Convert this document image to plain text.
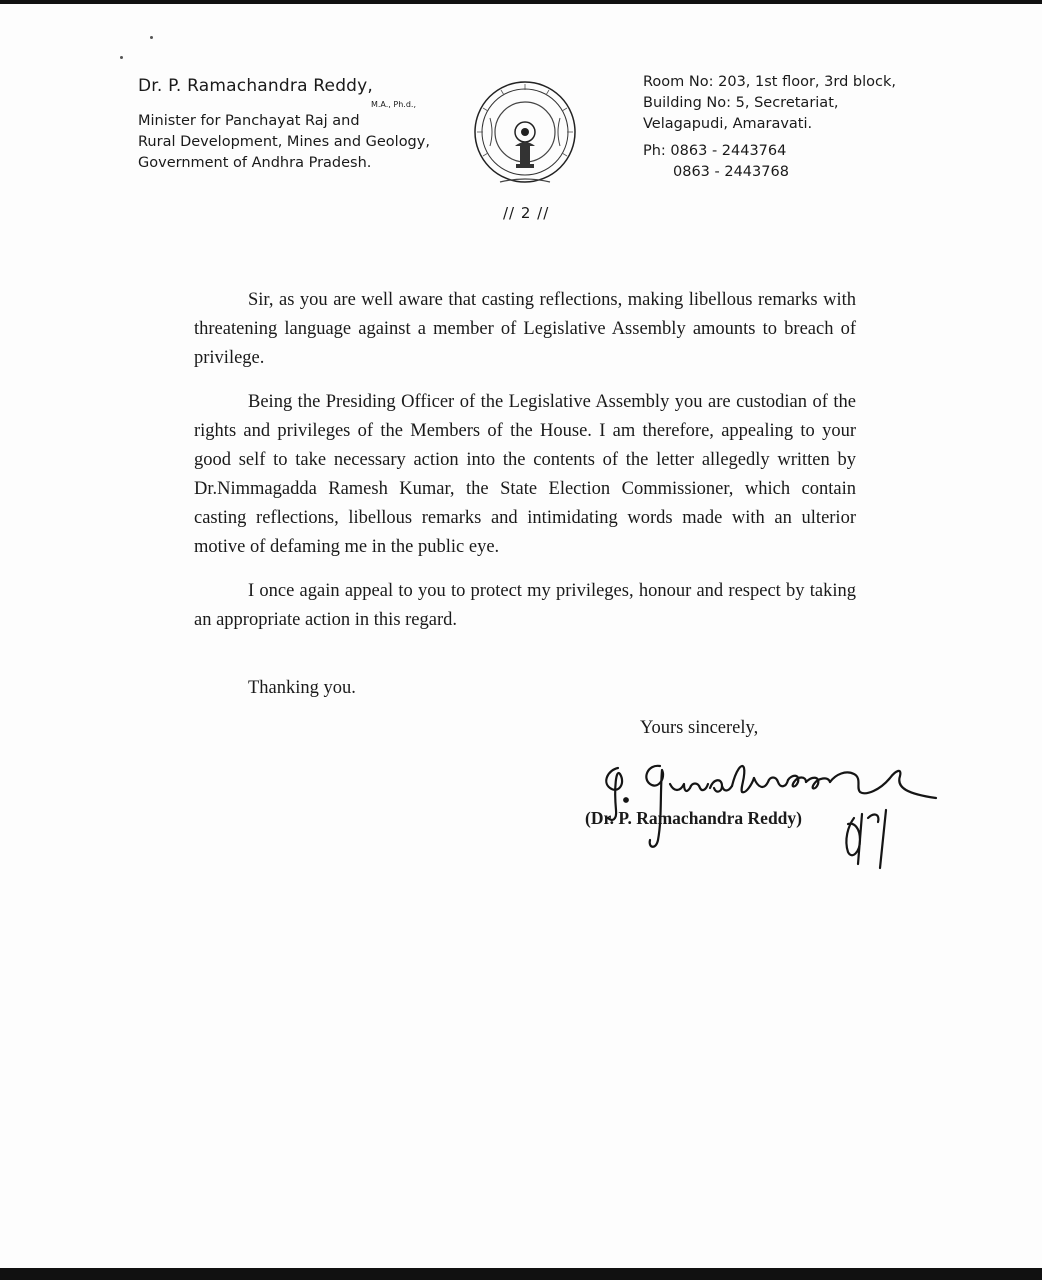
Dr. P. Ramachandra Reddy,
M.A., Ph.d.,
Minister for Panchayat Raj and
Rural Development, Mines and Geology,
Government of Andhra Pradesh.
// 2 //
Room No: 203, 1st floor, 3rd block,
Building No: 5, Secretariat,
Velagapudi, Amaravati.
Ph: 0863 - 2443764
0863 - 2443768

Sir, as you are well aware that casting reflections, making libellous remarks with threatening language against a member of Legislative Assembly amounts to breach of privilege.

Being the Presiding Officer of the Legislative Assembly you are custodian of the rights and privileges of the Members of the House. I am therefore, appealing to your good self to take necessary action into the contents of the letter allegedly written by Dr.Nimmagadda Ramesh Kumar, the State Election Commissioner, which contain casting reflections, libellous remarks and intimidating words made with an ulterior motive of defaming me in the public eye.

I once again appeal to you to protect my privileges, honour and respect by taking an appropriate action in this regard.

Thanking you.
Yours sincerely,
(Dr. P. Ramachandra Reddy)
